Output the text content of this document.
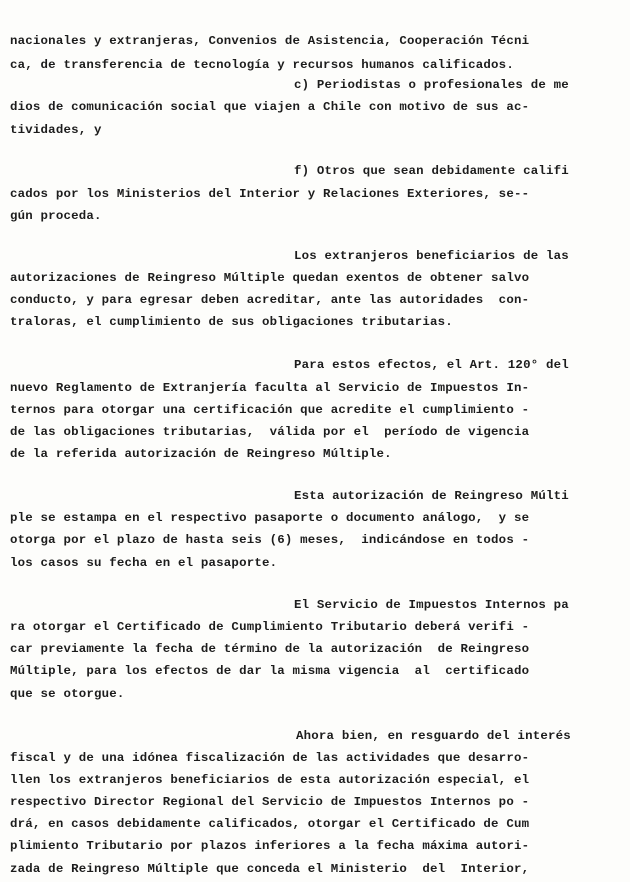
nacionales y extranjeras, Convenios de Asistencia, Cooperación Técni
ca, de transferencia de tecnología y recursos humanos calificados.
c) Periodistas o profesionales de me
dios de comunicación social que viajen a Chile con motivo de sus ac-
tividades, y
f) Otros que sean debidamente califi
cados por los Ministerios del Interior y Relaciones Exteriores, se--
gún proceda.
Los extranjeros beneficiarios de las
autorizaciones de Reingreso Múltiple quedan exentos de obtener salvo
conducto, y para egresar deben acreditar, ante las autoridades  con-
traloras, el cumplimiento de sus obligaciones tributarias.
Para estos efectos, el Art. 120° del
nuevo Reglamento de Extranjería faculta al Servicio de Impuestos In-
ternos para otorgar una certificación que acredite el cumplimiento -
de las obligaciones tributarias,  válida por el  período de vigencia
de la referida autorización de Reingreso Múltiple.
Esta autorización de Reingreso Múlti
ple se estampa en el respectivo pasaporte o documento análogo,  y se
otorga por el plazo de hasta seis (6) meses,  indicándose en todos -
los casos su fecha en el pasaporte.
El Servicio de Impuestos Internos pa
ra otorgar el Certificado de Cumplimiento Tributario deberá verifi -
car previamente la fecha de término de la autorización  de Reingreso
Múltiple, para los efectos de dar la misma vigencia  al  certificado
que se otorgue.
Ahora bien, en resguardo del interés
fiscal y de una idónea fiscalización de las actividades que desarro-
llen los extranjeros beneficiarios de esta autorización especial, el
respectivo Director Regional del Servicio de Impuestos Internos po -
drá, en casos debidamente calificados, otorgar el Certificado de Cum
plimiento Tributario por plazos inferiores a la fecha máxima autori-
zada de Reingreso Múltiple que conceda el Ministerio  del  Interior,
